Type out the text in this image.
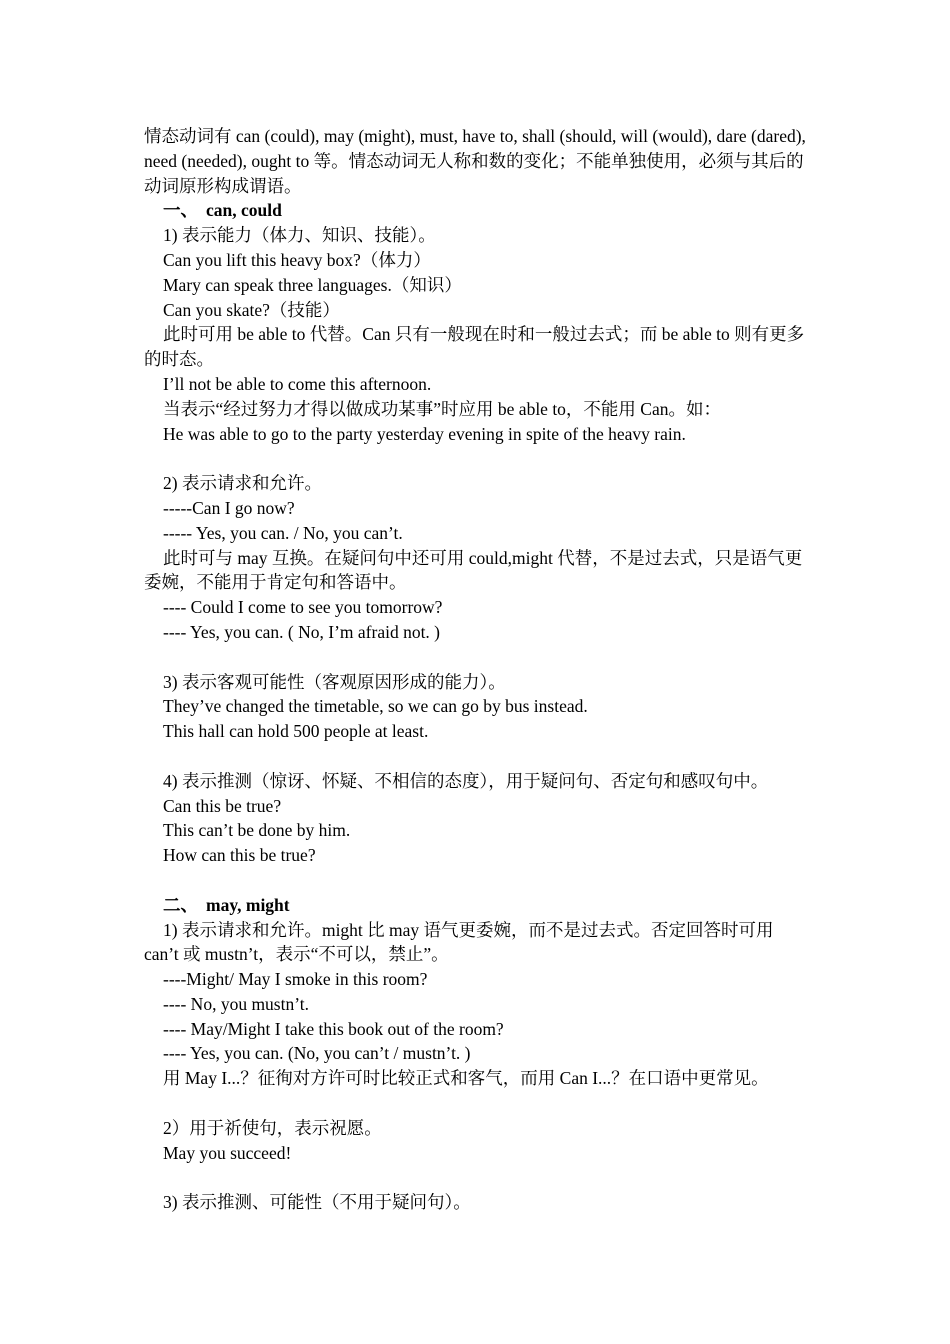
情态动词有 can (could), may (might), must, have to, shall (should, will (would), dare (dared), need (needed), ought to 等。情态动词无人称和数的变化；不能单独使用，必须与其后的动词原形构成谓语。

一、 can, could

1) 表示能力（体力、知识、技能）。

Can you lift this heavy box?（体力）

Mary can speak three languages.（知识）

Can you skate?（技能）

此时可用 be able to 代替。Can 只有一般现在时和一般过去式；而 be able to 则有更多的时态。

I’ll not be able to come this afternoon.

当表示“经过努力才得以做成功某事”时应用 be able to，不能用 Can。如：

He was able to go to the party yesterday evening in spite of the heavy rain.

2) 表示请求和允许。

-----Can I go now?

----- Yes, you can. / No, you can’t.

此时可与 may 互换。在疑问句中还可用 could,might 代替，不是过去式，只是语气更委婉，不能用于肯定句和答语中。

---- Could I come to see you tomorrow?

---- Yes, you can. ( No, I’m afraid not. )

3) 表示客观可能性（客观原因形成的能力）。

They’ve changed the timetable, so we can go by bus instead.

This hall can hold 500 people at least.

4) 表示推测（惊讶、怀疑、不相信的态度），用于疑问句、否定句和感叹句中。

Can this be true?

This can’t be done by him.

How can this be true?

二、 may, might

1) 表示请求和允许。might 比 may 语气更委婉，而不是过去式。否定回答时可用 can’t 或 mustn’t，表示“不可以，禁止”。

----Might/ May I smoke in this room?

---- No, you mustn’t.

---- May/Might I take this book out of the room?

---- Yes, you can. (No, you can’t / mustn’t. )

用 May I...？征徇对方许可时比较正式和客气，而用 Can I...？在口语中更常见。

2）用于祈使句，表示祝愿。

May you succeed!

3) 表示推测、可能性（不用于疑问句）。
